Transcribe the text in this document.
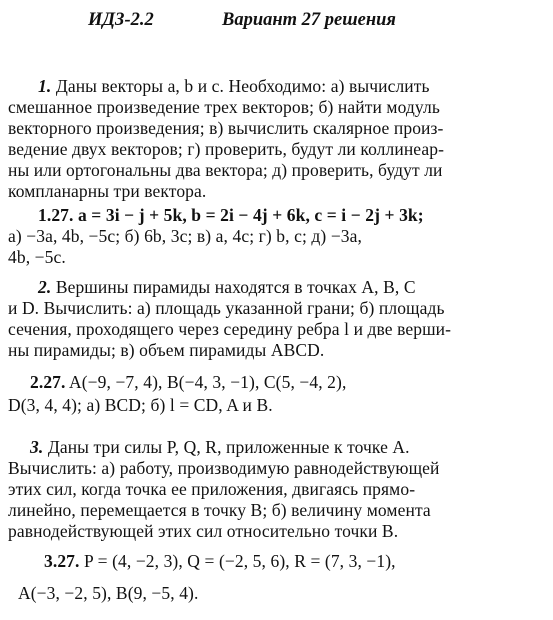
ИДЗ-2.2	Вариант 27 решения
1. Даны векторы a, b и c. Необходимо: а) вычислить
смешанное произведение трех векторов; б) найти модуль
векторного произведения; в) вычислить скалярное произ-
ведение двух векторов; г) проверить, будут ли коллинеар-
ны или ортогональны два вектора; д) проверить, будут ли
компланарны три вектора.
1.27. a = 3i − j + 5k, b = 2i − 4j + 6k, c = i − 2j + 3k;
а) −3a, 4b, −5c; б) 6b, 3c; в) a, 4c; г) b, c; д) −3a,
4b, −5c.
2. Вершины пирамиды находятся в точках A, B, C
и D. Вычислить: а) площадь указанной грани; б) площадь
сечения, проходящего через середину ребра l и две верши-
ны пирамиды; в) объем пирамиды ABCD.
2.27. A(−9, −7, 4), B(−4, 3, −1), C(5, −4, 2),
D(3, 4, 4); а) BCD; б) l = CD, A и B.
3. Даны три силы P, Q, R, приложенные к точке A.
Вычислить: а) работу, производимую равнодействующей
этих сил, когда точка ее приложения, двигаясь прямо-
линейно, перемещается в точку B; б) величину момента
равнодействующей этих сил относительно точки B.
3.27. P = (4, −2, 3), Q = (−2, 5, 6), R = (7, 3, −1),
A(−3, −2, 5), B(9, −5, 4).
